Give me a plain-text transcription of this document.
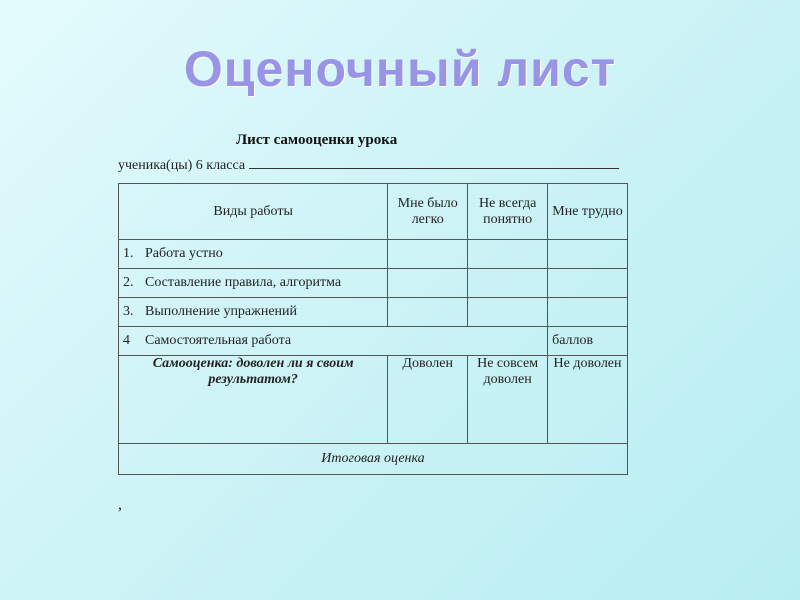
Оценочный лист
Лист самооценки урока
ученика(цы) 6 класса
Виды работы	Мне было легко	Не всегда понятно	Мне трудно
1. Работа устно			
2. Составление правила, алгоритма			
3. Выполнение упражнений			
4 Самостоятельная работа			баллов
Самооценка: доволен ли я своим результатом?	Доволен	Не совсем доволен	Не доволен
Итоговая оценка			
,
